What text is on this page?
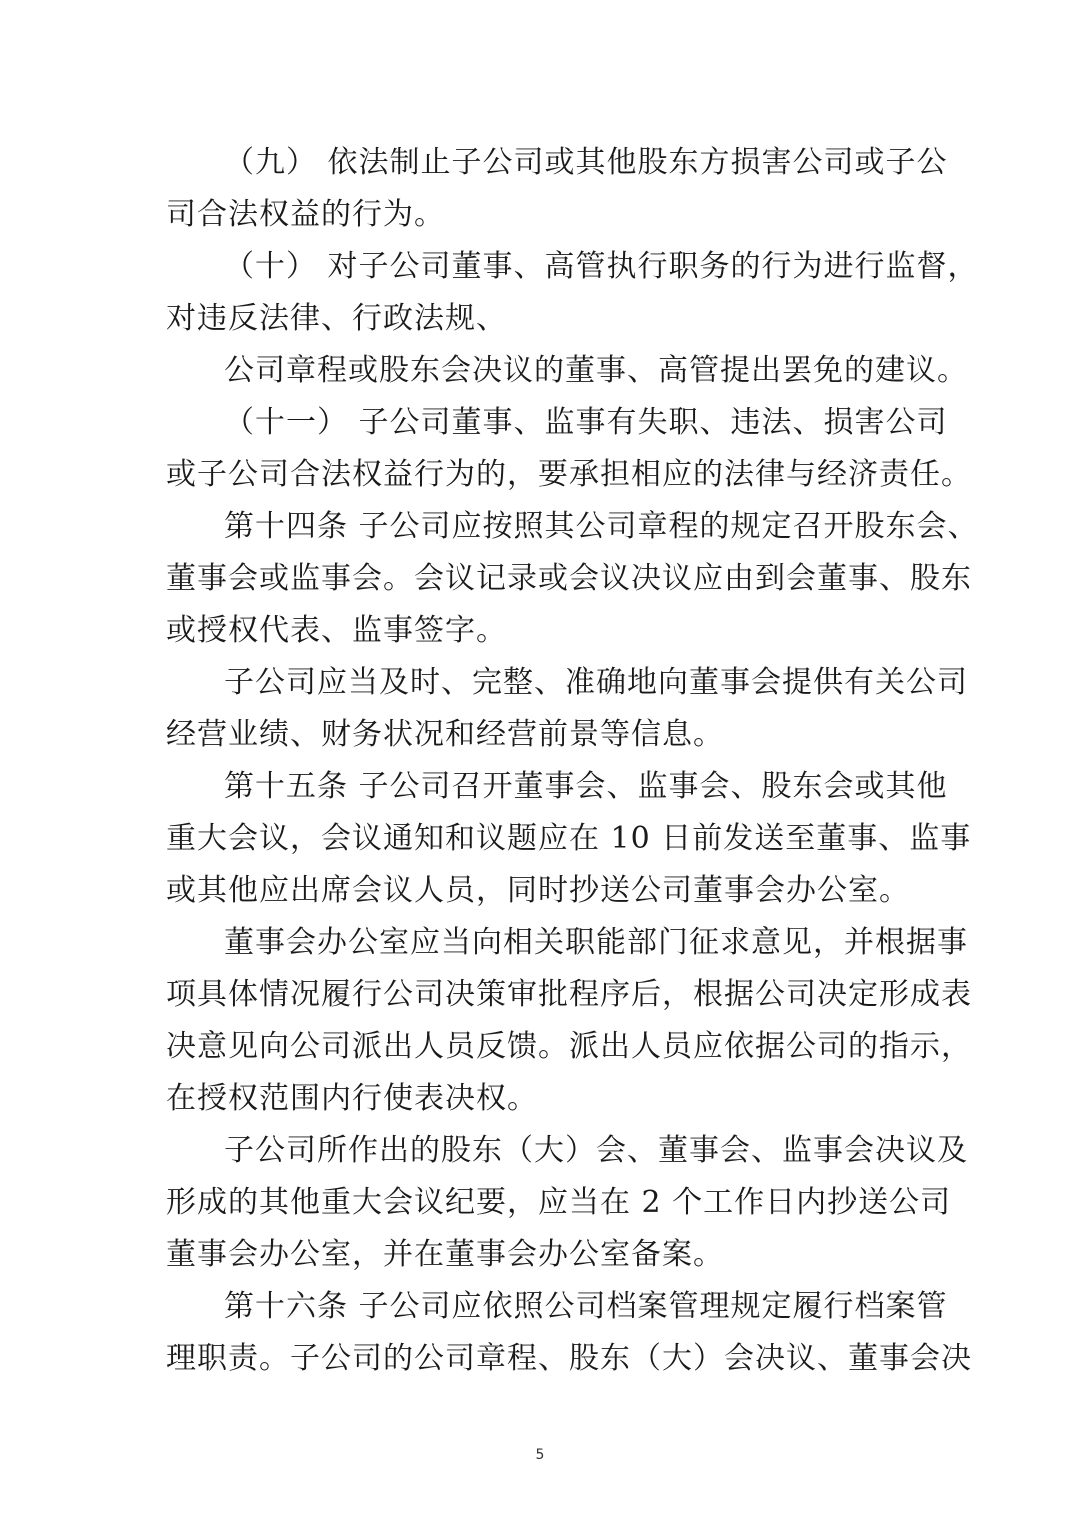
（九） 依法制止子公司或其他股东方损害公司或子公
司合法权益的行为。
（十） 对子公司董事、高管执行职务的行为进行监督，
对违反法律、行政法规、
公司章程或股东会决议的董事、高管提出罢免的建议。
（十一） 子公司董事、监事有失职、违法、损害公司
或子公司合法权益行为的，要承担相应的法律与经济责任。
第十四条 子公司应按照其公司章程的规定召开股东会、
董事会或监事会。会议记录或会议决议应由到会董事、股东
或授权代表、监事签字。
子公司应当及时、完整、准确地向董事会提供有关公司
经营业绩、财务状况和经营前景等信息。
第十五条 子公司召开董事会、监事会、股东会或其他
重大会议，会议通知和议题应在 10 日前发送至董事、监事
或其他应出席会议人员，同时抄送公司董事会办公室。
董事会办公室应当向相关职能部门征求意见，并根据事
项具体情况履行公司决策审批程序后，根据公司决定形成表
决意见向公司派出人员反馈。派出人员应依据公司的指示，
在授权范围内行使表决权。
子公司所作出的股东（大）会、董事会、监事会决议及
形成的其他重大会议纪要，应当在 2 个工作日内抄送公司
董事会办公室，并在董事会办公室备案。
第十六条 子公司应依照公司档案管理规定履行档案管
理职责。子公司的公司章程、股东（大）会决议、董事会决
5
